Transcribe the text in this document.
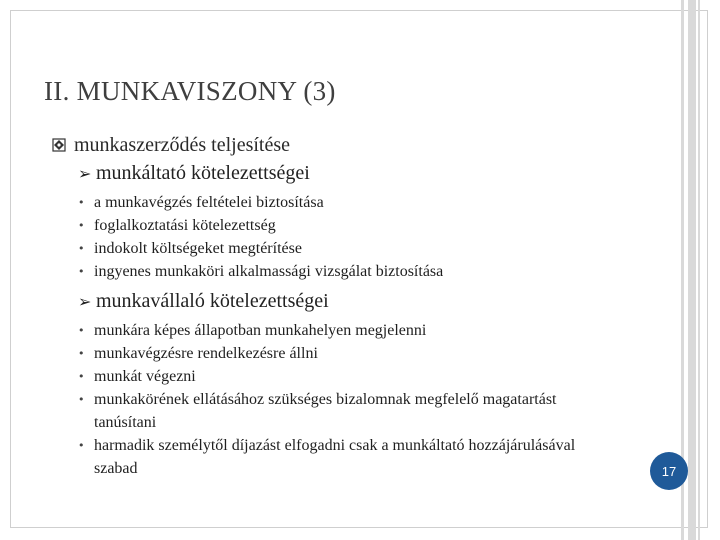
II. MUNKAVISZONY (3)
munkaszerződés teljesítése
➢ munkáltató kötelezettségei
• a munkavégzés feltételei biztosítása
• foglalkoztatási kötelezettség
• indokolt költségeket megtérítése
• ingyenes munkaköri alkalmassági vizsgálat biztosítása
➢ munkavállaló kötelezettségei
• munkára képes állapotban munkahelyen megjelenni
• munkavégzésre rendelkezésre állni
• munkát végezni
• munkakörének ellátásához szükséges bizalomnak megfelelő magatartást tanúsítani
• harmadik személytől díjazást elfogadni csak a munkáltató hozzájárulásával szabad	17
